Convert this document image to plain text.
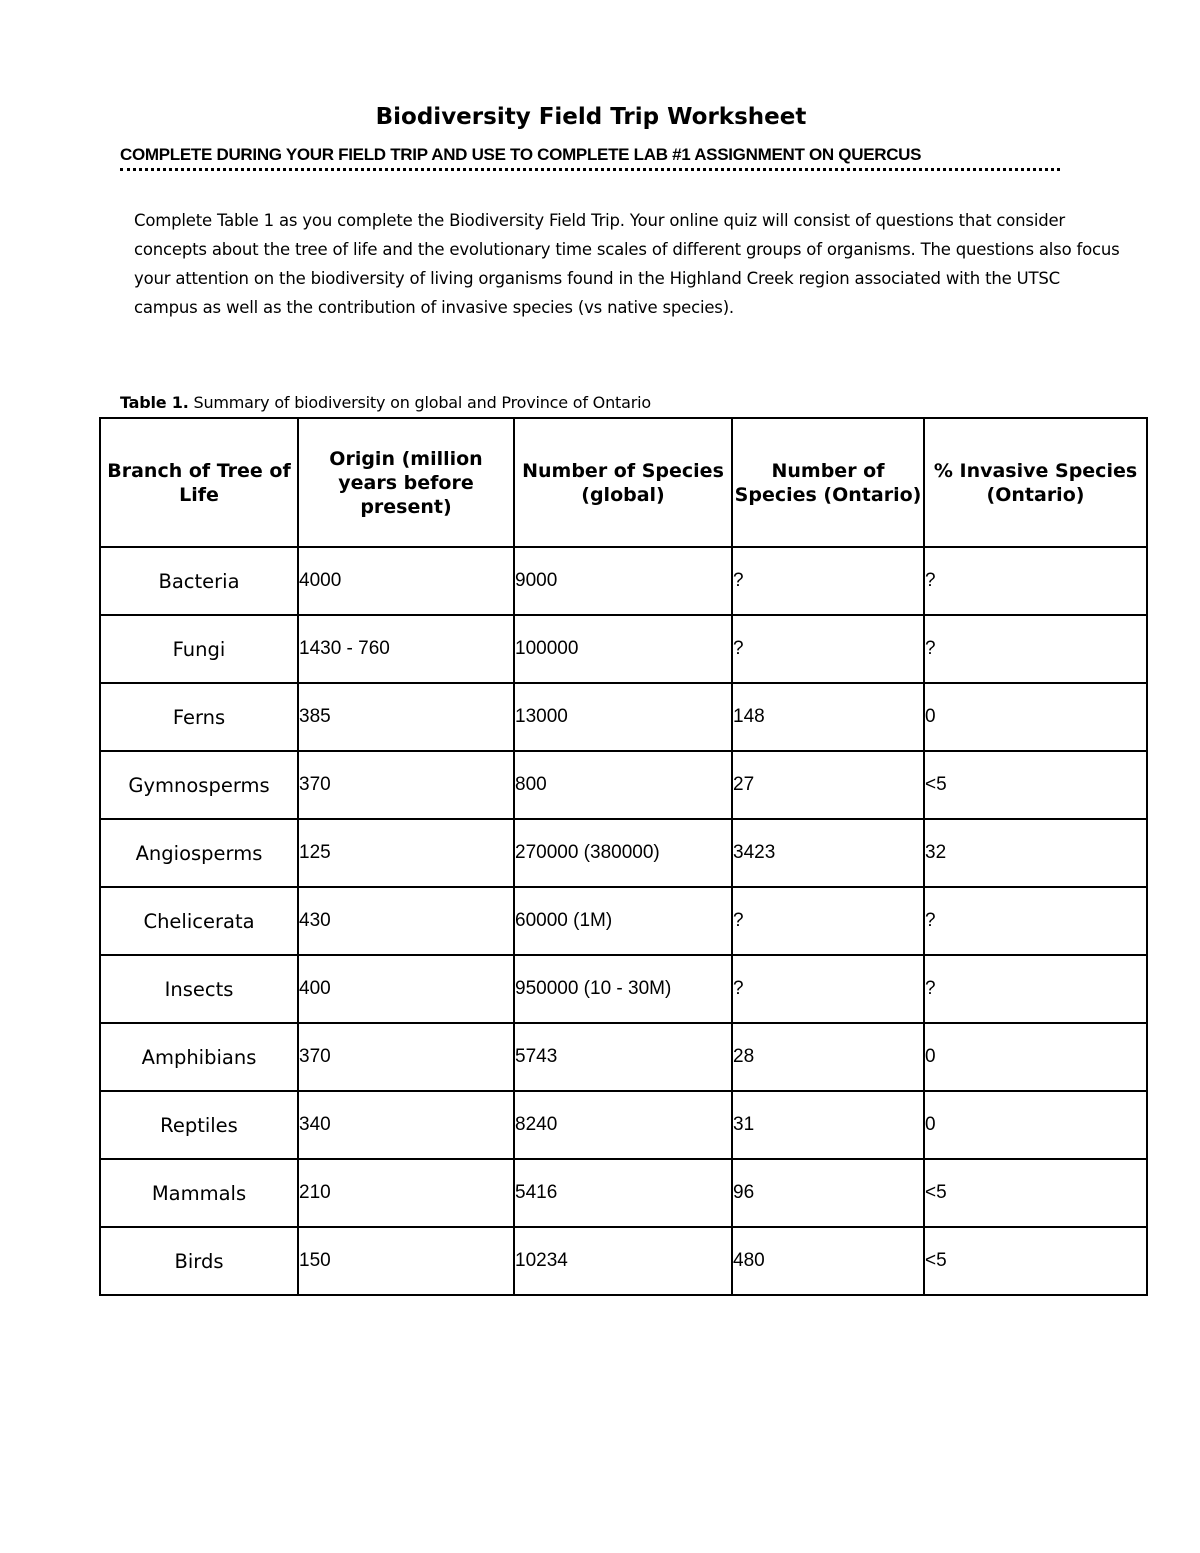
Biodiversity Field Trip Worksheet
COMPLETE DURING YOUR FIELD TRIP AND USE TO COMPLETE LAB #1 ASSIGNMENT ON QUERCUS
Complete Table 1 as you complete the Biodiversity Field Trip. Your online quiz will consist of questions that consider concepts about the tree of life and the evolutionary time scales of different groups of organisms. The questions also focus your attention on the biodiversity of living organisms found in the Highland Creek region associated with the UTSC campus as well as the contribution of invasive species (vs native species).
Table 1. Summary of biodiversity on global and Province of Ontario
Branch of Tree of Life	Origin (million years before present)	Number of Species (global)	Number of Species (Ontario)	% Invasive Species (Ontario)
Bacteria	4000	9000	?	?
Fungi	1430 - 760	100000	?	?
Ferns	385	13000	148	0
Gymnosperms	370	800	27	<5
Angiosperms	125	270000 (380000)	3423	32
Chelicerata	430	60000 (1M)	?	?
Insects	400	950000 (10 - 30M)	?	?
Amphibians	370	5743	28	0
Reptiles	340	8240	31	0
Mammals	210	5416	96	<5
Birds	150	10234	480	<5
